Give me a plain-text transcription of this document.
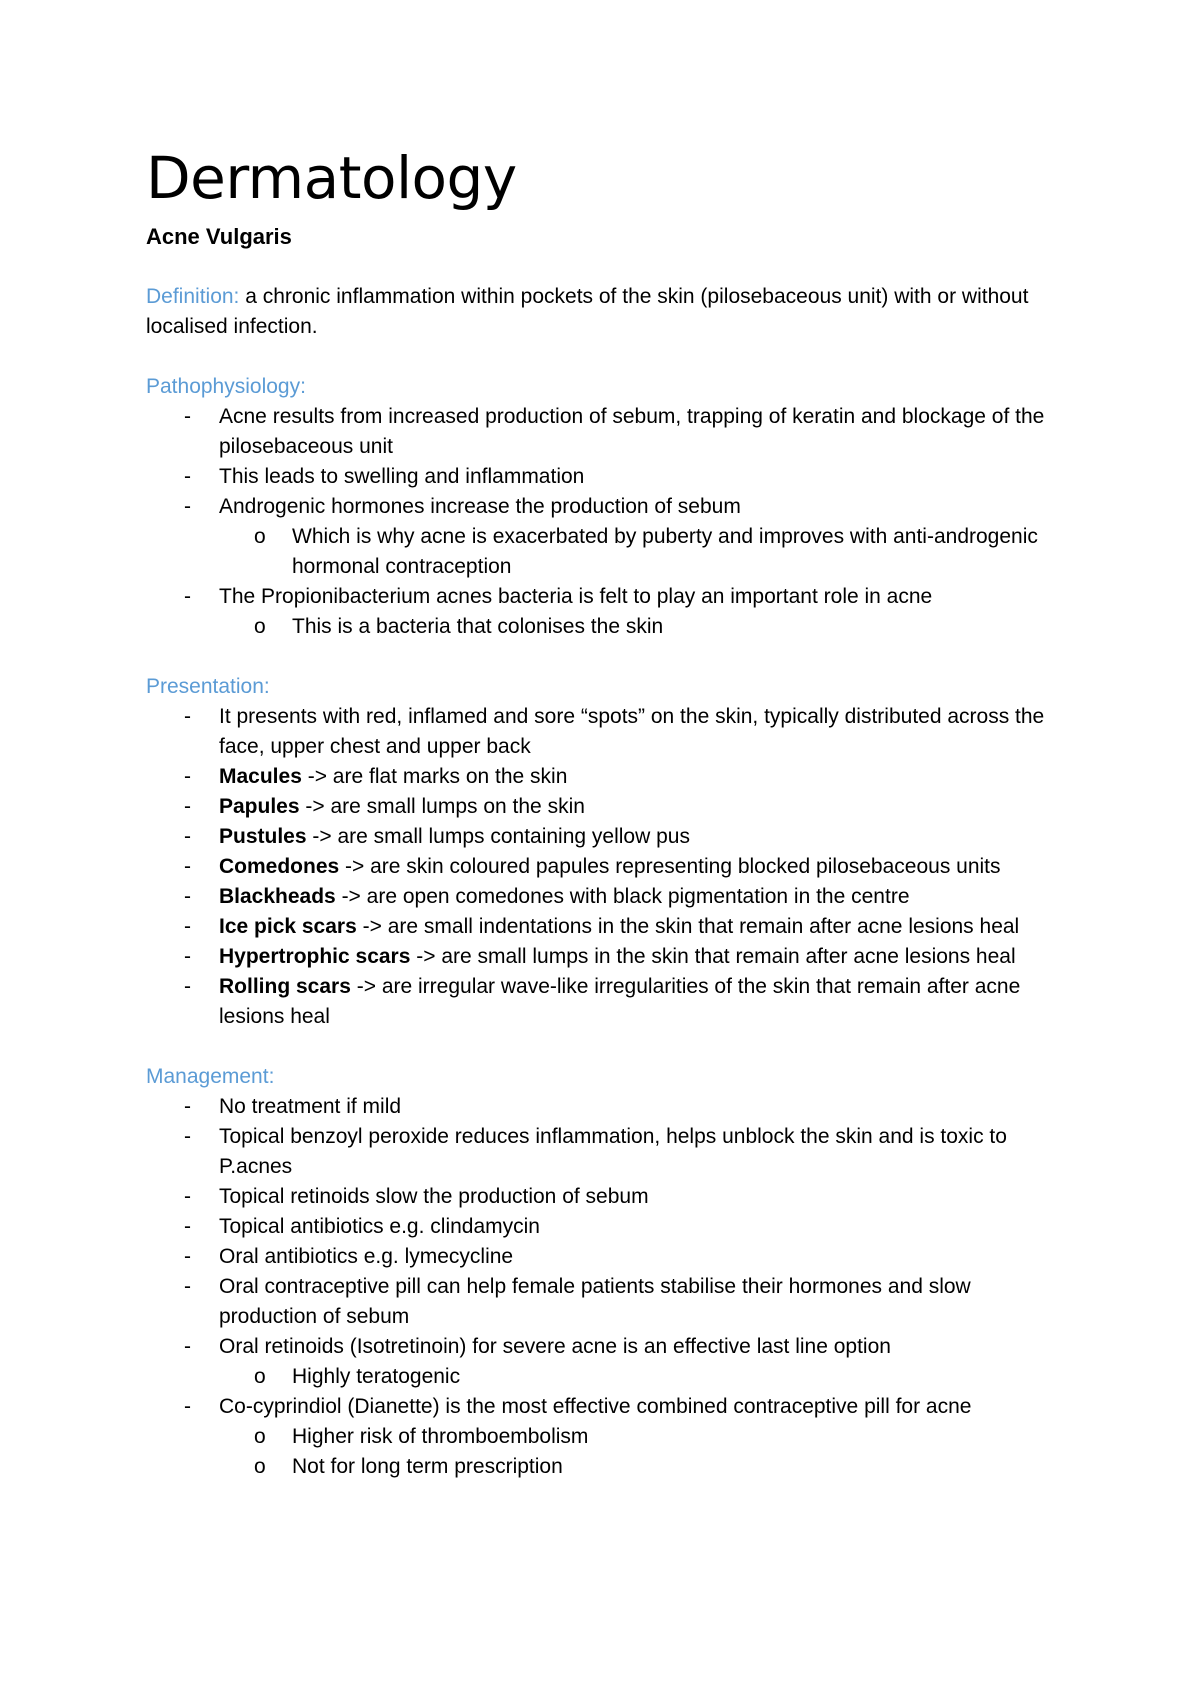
Dermatology
Acne Vulgaris

Definition: a chronic inflammation within pockets of the skin (pilosebaceous unit) with or without localised infection.

Pathophysiology:
- Acne results from increased production of sebum, trapping of keratin and blockage of the pilosebaceous unit
- This leads to swelling and inflammation
- Androgenic hormones increase the production of sebum
o Which is why acne is exacerbated by puberty and improves with anti-androgenic hormonal contraception
- The Propionibacterium acnes bacteria is felt to play an important role in acne
o This is a bacteria that colonises the skin
Presentation:
- It presents with red, inflamed and sore “spots” on the skin, typically distributed across the face, upper chest and upper back
- Macules -> are flat marks on the skin
- Papules -> are small lumps on the skin
- Pustules -> are small lumps containing yellow pus
- Comedones -> are skin coloured papules representing blocked pilosebaceous units
- Blackheads -> are open comedones with black pigmentation in the centre
- Ice pick scars -> are small indentations in the skin that remain after acne lesions heal
- Hypertrophic scars -> are small lumps in the skin that remain after acne lesions heal
- Rolling scars -> are irregular wave-like irregularities of the skin that remain after acne lesions heal
Management:
- No treatment if mild
- Topical benzoyl peroxide reduces inflammation, helps unblock the skin and is toxic to P.acnes
- Topical retinoids slow the production of sebum
- Topical antibiotics e.g. clindamycin
- Oral antibiotics e.g. lymecycline
- Oral contraceptive pill can help female patients stabilise their hormones and slow production of sebum
- Oral retinoids (Isotretinoin) for severe acne is an effective last line option
o Highly teratogenic
- Co-cyprindiol (Dianette) is the most effective combined contraceptive pill for acne
o Higher risk of thromboembolism
o Not for long term prescription
